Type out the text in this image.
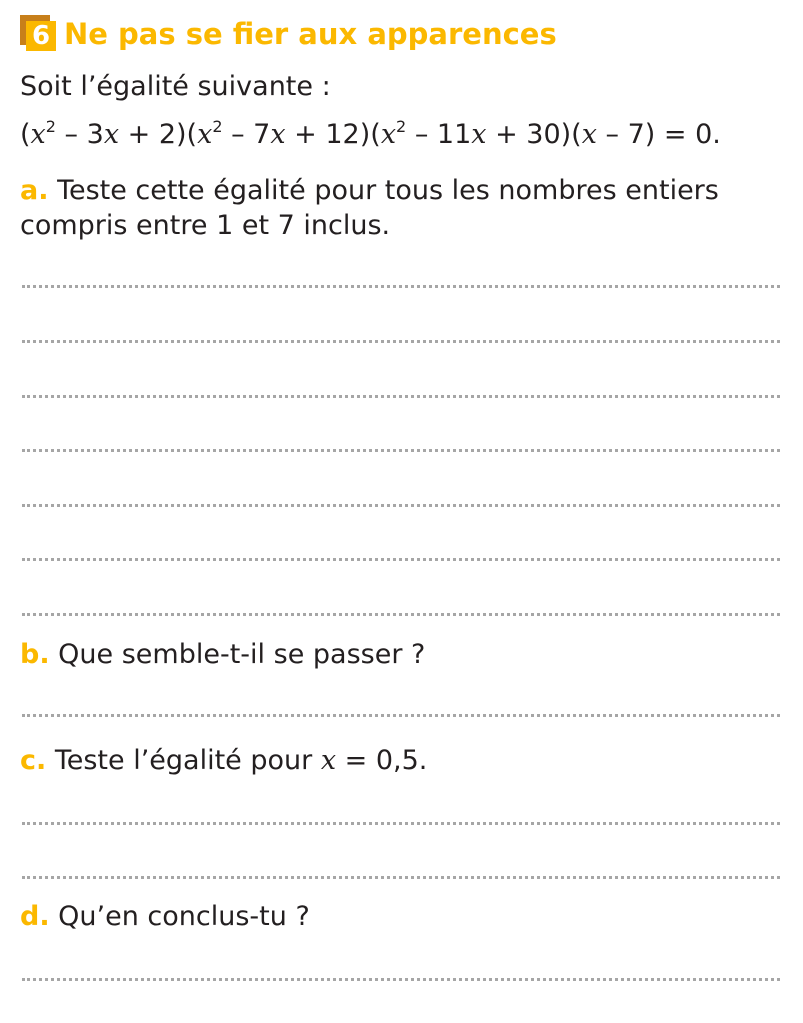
6 Ne pas se fier aux apparences
Soit l’égalité suivante :
$(x^2 - 3x + 2)(x^2 - 7x + 12)(x^2 - 11x + 30)(x - 7) = 0$.
a. Teste cette égalité pour tous les nombres entiers
compris entre 1 et 7 inclus.
b. Que semble-t-il se passer ?
c. Teste l’égalité pour x = 0,5.
d. Qu’en conclus-tu ?
